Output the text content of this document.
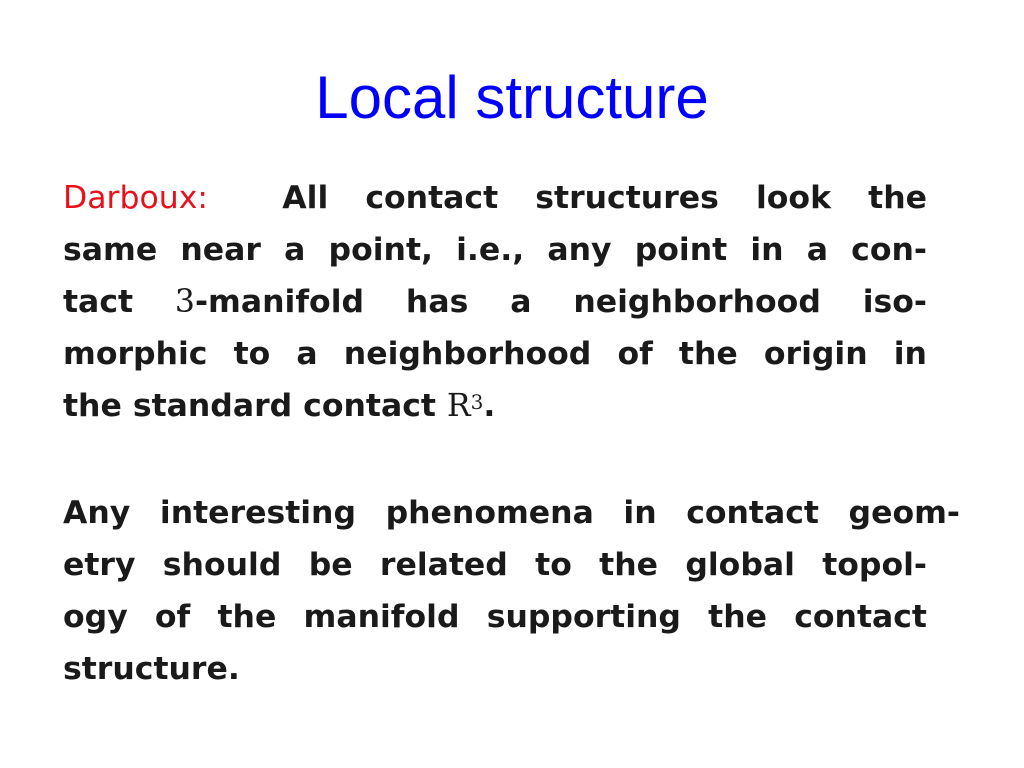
Local structure
Darboux: All contact structures look the
same near a point, i.e., any point in a con-
tact 3-manifold has a neighborhood iso-
morphic to a neighborhood of the origin in
the standard contact $R^3$.
Any interesting phenomena in contact geom-
etry should be related to the global topol-
ogy of the manifold supporting the contact
structure.
